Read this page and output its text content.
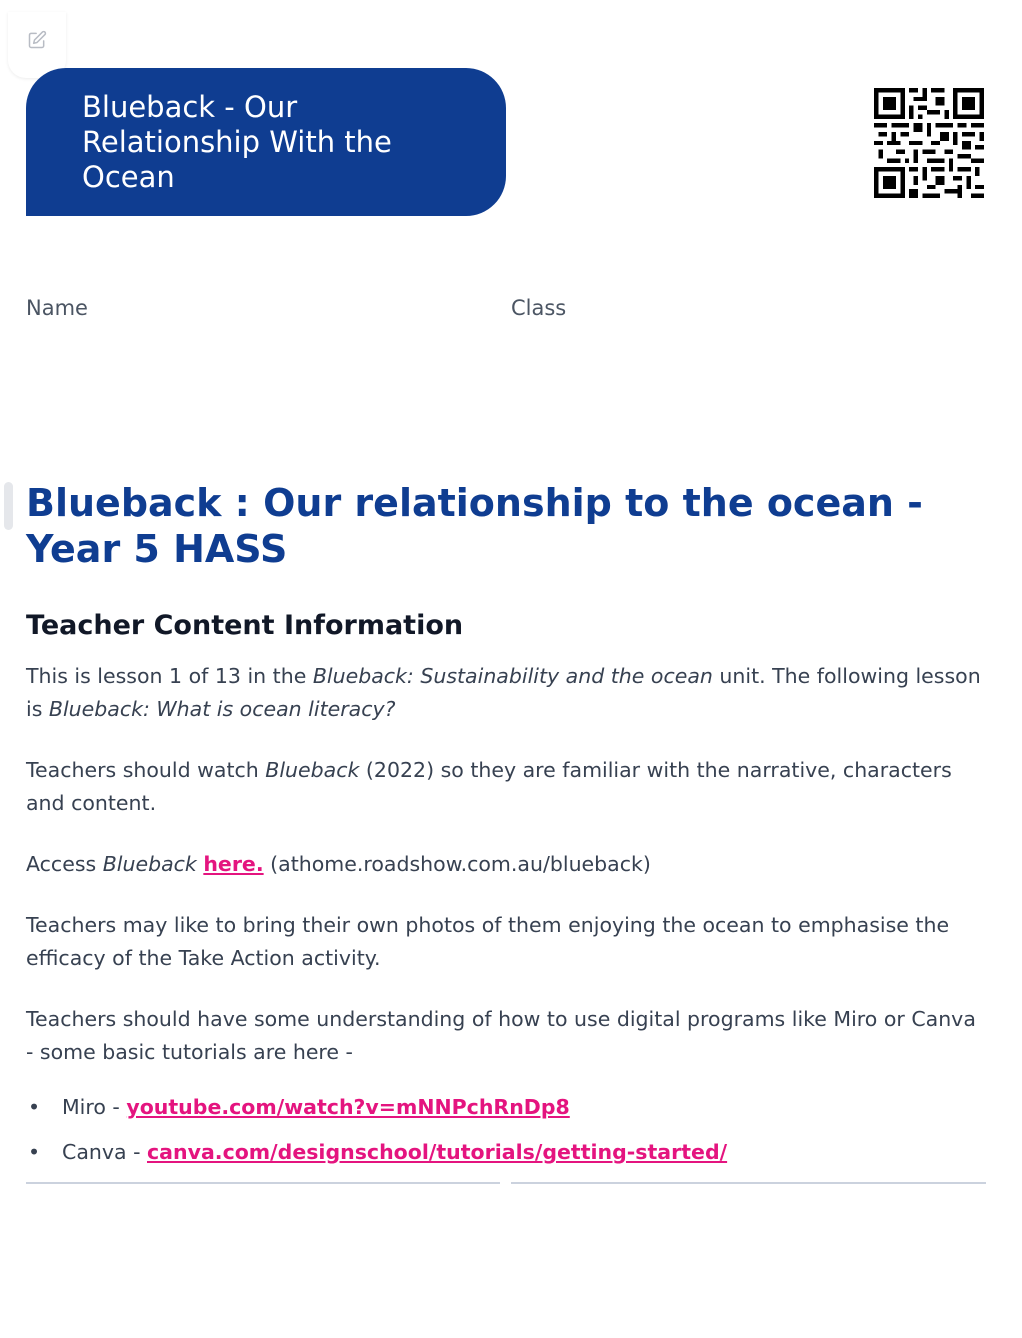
Blueback - Our Relationship With the Ocean
Name	Class
Blueback : Our relationship to the ocean - Year 5 HASS
Teacher Content Information

This is lesson 1 of 13 in the Blueback: Sustainability and the ocean unit. The following lesson is Blueback: What is ocean literacy?

Teachers should watch Blueback (2022) so they are familiar with the narrative, characters and content.

Access Blueback here. (athome.roadshow.com.au/blueback)

Teachers may like to bring their own photos of them enjoying the ocean to emphasise the efficacy of the Take Action activity.

Teachers should have some understanding of how to use digital programs like Miro or Canva - some basic tutorials are here -

• Miro - youtube.com/watch?v=mNNPchRnDp8
• Canva - canva.com/designschool/tutorials/getting-started/
